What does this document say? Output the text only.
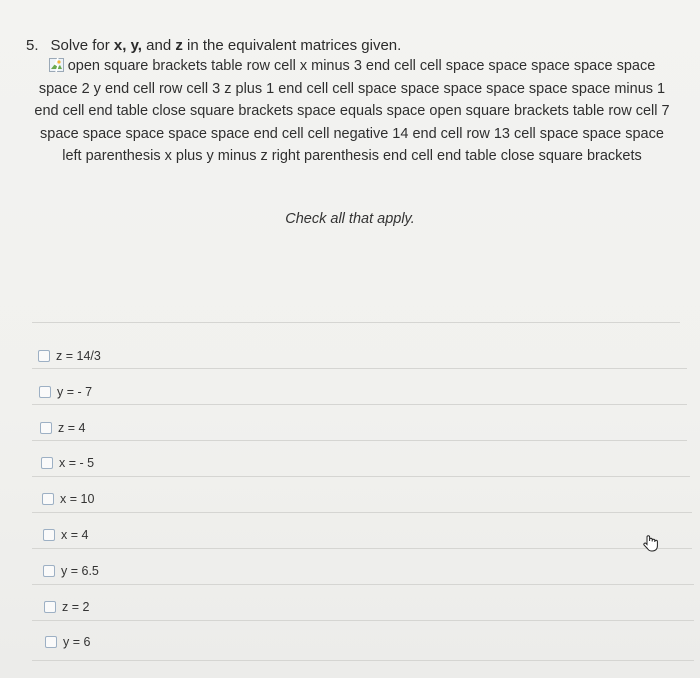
5. Solve for x, y, and z in the equivalent matrices given.
open square brackets table row cell x minus 3 end cell cell space space space space space space 2 y end cell row cell 3 z plus 1 end cell cell space space space space space space minus 1 end cell end table close square brackets space equals space open square brackets table row cell 7 space space space space space end cell cell negative 14 end cell row 13 cell space space space left parenthesis x plus y minus z right parenthesis end cell end table close square brackets
Check all that apply.
z = 14/3
y = - 7
z = 4
x = - 5
x = 10
x = 4
y = 6.5
z = 2
y = 6
